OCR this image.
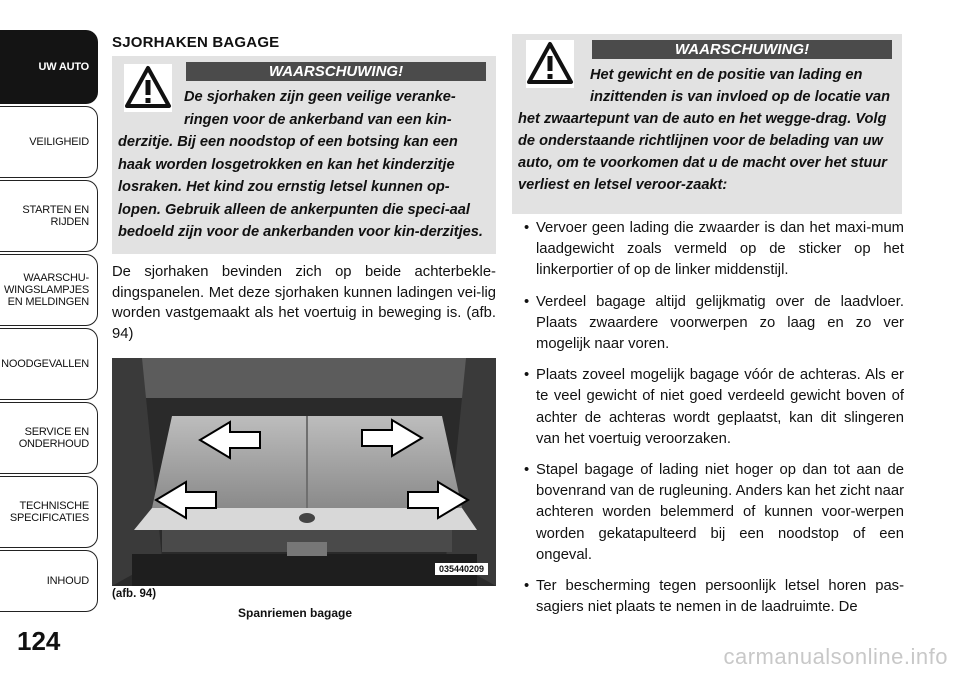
UW AUTO
VEILIGHEID
STARTEN EN
RIJDEN
WAARSCHU-
WINGSLAMPJES
EN MELDINGEN
NOODGEVALLEN
SERVICE EN
ONDERHOUD
TECHNISCHE
SPECIFICATIES
INHOUD
124
SJORHAKEN BAGAGE
WAARSCHUWING!
De sjorhaken zijn geen veilige veranke-ringen voor de ankerband van een kin-derzitje. Bij een noodstop of een botsing kan een haak worden losgetrokken en kan het kinderzitje losraken. Het kind zou ernstig letsel kunnen op-lopen. Gebruik alleen de ankerpunten die speci-aal bedoeld zijn voor de ankerbanden voor kin-derzitjes.
De sjorhaken bevinden zich op beide achterbekle-dingspanelen. Met deze sjorhaken kunnen ladingen vei-lig worden vastgemaakt als het voertuig in beweging is. (afb. 94)
035440209
(afb. 94)
Spanriemen bagage
WAARSCHUWING!
Het gewicht en de positie van lading en inzittenden is van invloed op de locatie van het zwaartepunt van de auto en het wegge-drag. Volg de onderstaande richtlijnen voor de belading van uw auto, om te voorkomen dat u de macht over het stuur verliest en letsel veroor-zaakt:
• Vervoer geen lading die zwaarder is dan het maxi-mum laadgewicht zoals vermeld op de sticker op het linkerportier of op de linker middenstijl.
• Verdeel bagage altijd gelijkmatig over de laadvloer. Plaats zwaardere voorwerpen zo laag en zo ver mogelijk naar voren.
• Plaats zoveel mogelijk bagage vóór de achteras. Als er te veel gewicht of niet goed verdeeld gewicht boven of achter de achteras wordt geplaatst, kan dit slingeren van het voertuig veroorzaken.
• Stapel bagage of lading niet hoger op dan tot aan de bovenrand van de rugleuning. Anders kan het zicht naar achteren worden belemmerd of kunnen voor-werpen worden gekatapulteerd bij een noodstop of een ongeval.
• Ter bescherming tegen persoonlijk letsel horen pas-sagiers niet plaats te nemen in de laadruimte. De
carmanualsonline.info
